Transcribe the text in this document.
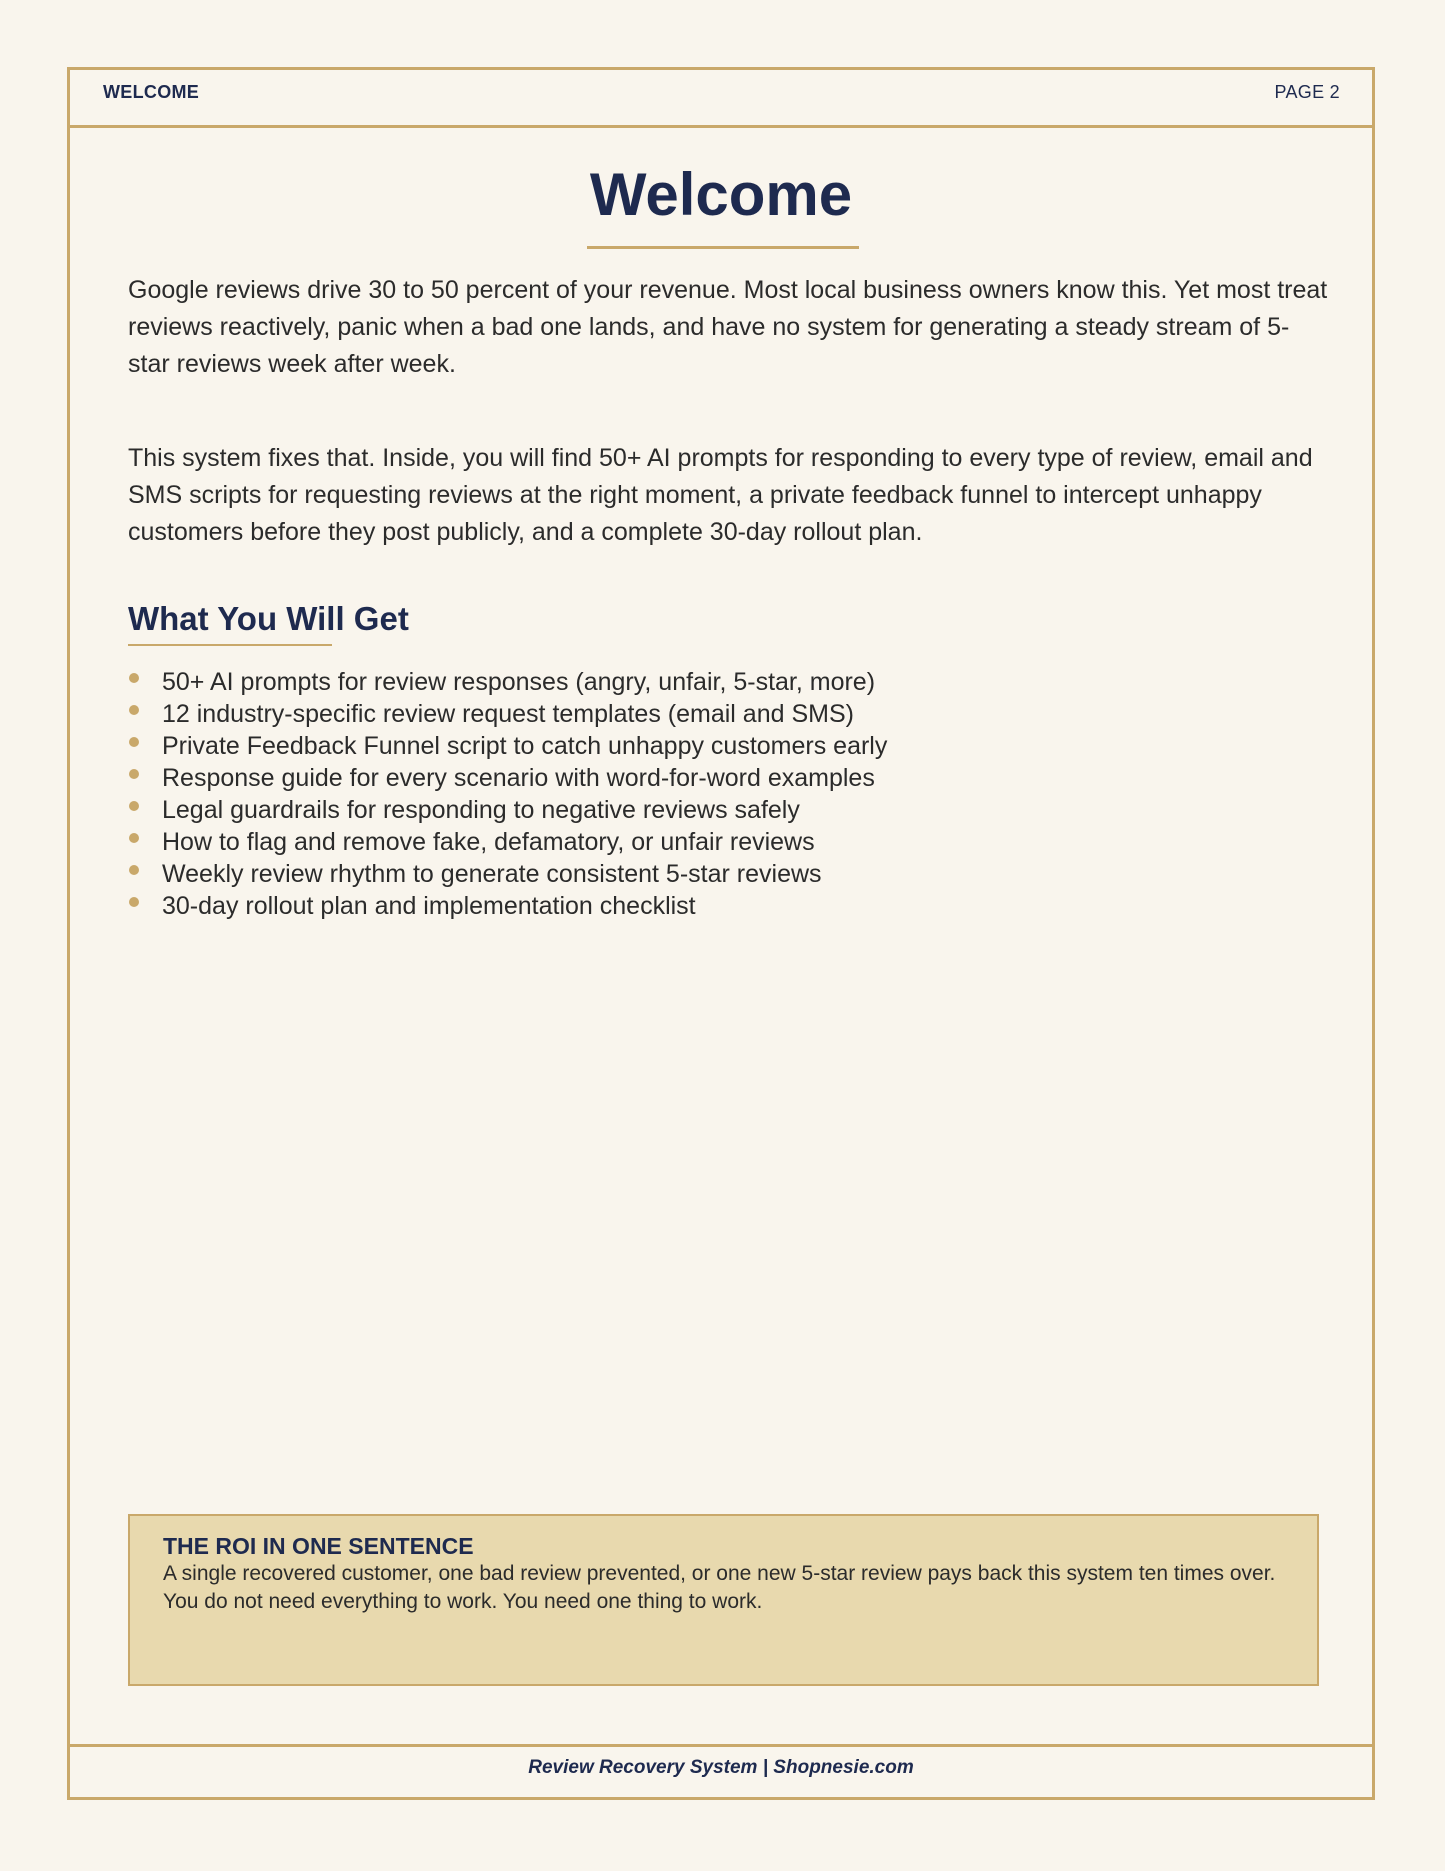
WELCOME	PAGE 2
Welcome

Google reviews drive 30 to 50 percent of your revenue. Most local business owners know this. Yet most treat reviews reactively, panic when a bad one lands, and have no system for generating a steady stream of 5-star reviews week after week.

This system fixes that. Inside, you will find 50+ AI prompts for responding to every type of review, email and SMS scripts for requesting reviews at the right moment, a private feedback funnel to intercept unhappy customers before they post publicly, and a complete 30-day rollout plan.

What You Will Get
50+ AI prompts for review responses (angry, unfair, 5-star, more)
12 industry-specific review request templates (email and SMS)
Private Feedback Funnel script to catch unhappy customers early
Response guide for every scenario with word-for-word examples
Legal guardrails for responding to negative reviews safely
How to flag and remove fake, defamatory, or unfair reviews
Weekly review rhythm to generate consistent 5-star reviews
30-day rollout plan and implementation checklist

THE ROI IN ONE SENTENCE

A single recovered customer, one bad review prevented, or one new 5-star review pays back this system ten times over. You do not need everything to work. You need one thing to work.

Review Recovery System | Shopnesie.com
